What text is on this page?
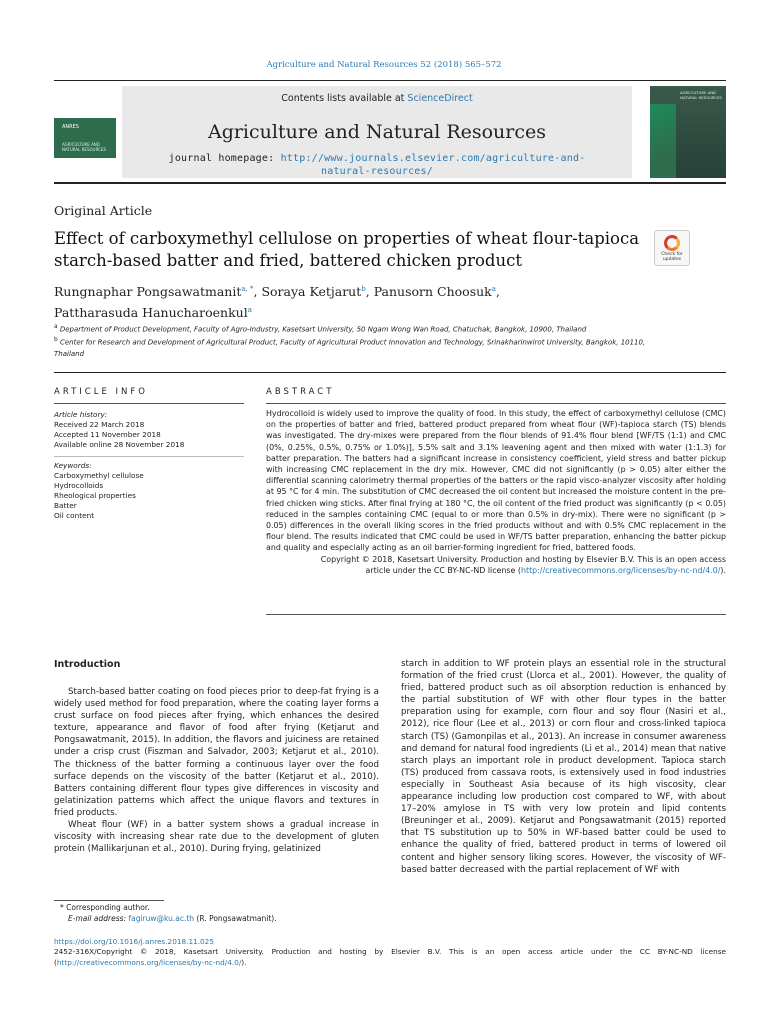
Agriculture and Natural Resources 52 (2018) 565–572
ANRES
AGRICULTURE AND NATURAL RESOURCES
Contents lists available at ScienceDirect
Agriculture and Natural Resources
journal homepage: http://www.journals.elsevier.com/agriculture-and-natural-resources/
AGRICULTURE AND NATURAL RESOURCES
Original Article
Effect of carboxymethyl cellulose on properties of wheat flour-tapioca starch-based batter and fried, battered chicken product	Check for updates
Rungnaphar Pongsawatmanit$^{a, *}$, Soraya Ketjarut$^b$, Panusorn Choosuk$^a$,
Pattharasuda Hanucharoenkul$^a$
$^a$ Department of Product Development, Faculty of Agro-Industry, Kasetsart University, 50 Ngam Wong Wan Road, Chatuchak, Bangkok, 10900, Thailand
$^b$ Center for Research and Development of Agricultural Product, Faculty of Agricultural Product Innovation and Technology, Srinakharinwirot University, Bangkok, 10110, Thailand
ARTICLE INFO	ABSTRACT
Article history:
Received 22 March 2018
Accepted 11 November 2018
Available online 28 November 2018
Keywords:
Carboxymethyl cellulose
Hydrocolloids
Rheological properties
Batter
Oil content
Hydrocolloid is widely used to improve the quality of food. In this study, the effect of carboxymethyl cellulose (CMC) on the properties of batter and fried, battered product prepared from wheat flour (WF)-tapioca starch (TS) blends was investigated. The dry-mixes were prepared from the flour blends of 91.4% flour blend [WF/TS (1:1) and CMC (0%, 0.25%, 0.5%, 0.75% or 1.0%)], 5.5% salt and 3.1% leavening agent and then mixed with water (1:1.3) for batter preparation. The batters had a significant increase in consistency coefficient, yield stress and batter pickup with increasing CMC replacement in the dry mix. However, CMC did not significantly (p > 0.05) alter either the differential scanning calorimetry thermal properties of the batters or the rapid visco-analyzer viscosity after holding at 95 °C for 4 min. The substitution of CMC decreased the oil content but increased the moisture content in the pre-fried chicken wing sticks. After final frying at 180 °C, the oil content of the fried product was significantly (p < 0.05) reduced in the samples containing CMC (equal to or more than 0.5% in dry-mix). There were no significant (p > 0.05) differences in the overall liking scores in the fried products without and with 0.5% CMC replacement in the flour blend. The results indicated that CMC could be used in WF/TS batter preparation, enhancing the batter pickup and quality and especially acting as an oil barrier-forming ingredient for fried, battered foods.
Copyright © 2018, Kasetsart University. Production and hosting by Elsevier B.V. This is an open access
article under the CC BY-NC-ND license (http://creativecommons.org/licenses/by-nc-nd/4.0/).
Introduction

Starch-based batter coating on food pieces prior to deep-fat frying is a widely used method for food preparation, where the coating layer forms a crust surface on food pieces after frying, which enhances the desired texture, appearance and flavor of food after frying (Ketjarut and Pongsawatmanit, 2015). In addition, the flavors and juiciness are retained under a crisp crust (Fiszman and Salvador, 2003; Ketjarut et al., 2010). The thickness of the batter forming a continuous layer over the food surface depends on the viscosity of the batter (Ketjarut et al., 2010). Batters containing different flour types give differences in viscosity and gelatinization patterns which affect the unique flavors and textures in fried products.

Wheat flour (WF) in a batter system shows a gradual increase in viscosity with increasing shear rate due to the development of gluten protein (Mallikarjunan et al., 2010). During frying, gelatinized

starch in addition to WF protein plays an essential role in the structural formation of the fried crust (Llorca et al., 2001). However, the quality of fried, battered product such as oil absorption reduction is enhanced by the partial substitution of WF with other flour types in the batter preparation using for example, corn flour and soy flour (Nasiri et al., 2012), rice flour (Lee et al., 2013) or corn flour and cross-linked tapioca starch (TS) (Gamonpilas et al., 2013). An increase in consumer awareness and demand for natural food ingredients (Li et al., 2014) mean that native starch plays an important role in product development. Tapioca starch (TS) produced from cassava roots, is extensively used in food industries especially in Southeast Asia because of its high viscosity, clear appearance including low production cost compared to WF, with about 17–20% amylose in TS with very low protein and lipid contents (Breuninger et al., 2009). Ketjarut and Pongsawatmanit (2015) reported that TS substitution up to 50% in WF-based batter could be used to enhance the quality of fried, battered product in terms of lowered oil content and higher sensory liking scores. However, the viscosity of WF-based batter decreased with the partial replacement of WF with

* Corresponding author.
E-mail address: fagiruw@ku.ac.th (R. Pongsawatmanit).
https://doi.org/10.1016/j.anres.2018.11.025
2452-316X/Copyright © 2018, Kasetsart University. Production and hosting by Elsevier B.V. This is an open access article under the CC BY-NC-ND license (http://creativecommons.org/licenses/by-nc-nd/4.0/).
